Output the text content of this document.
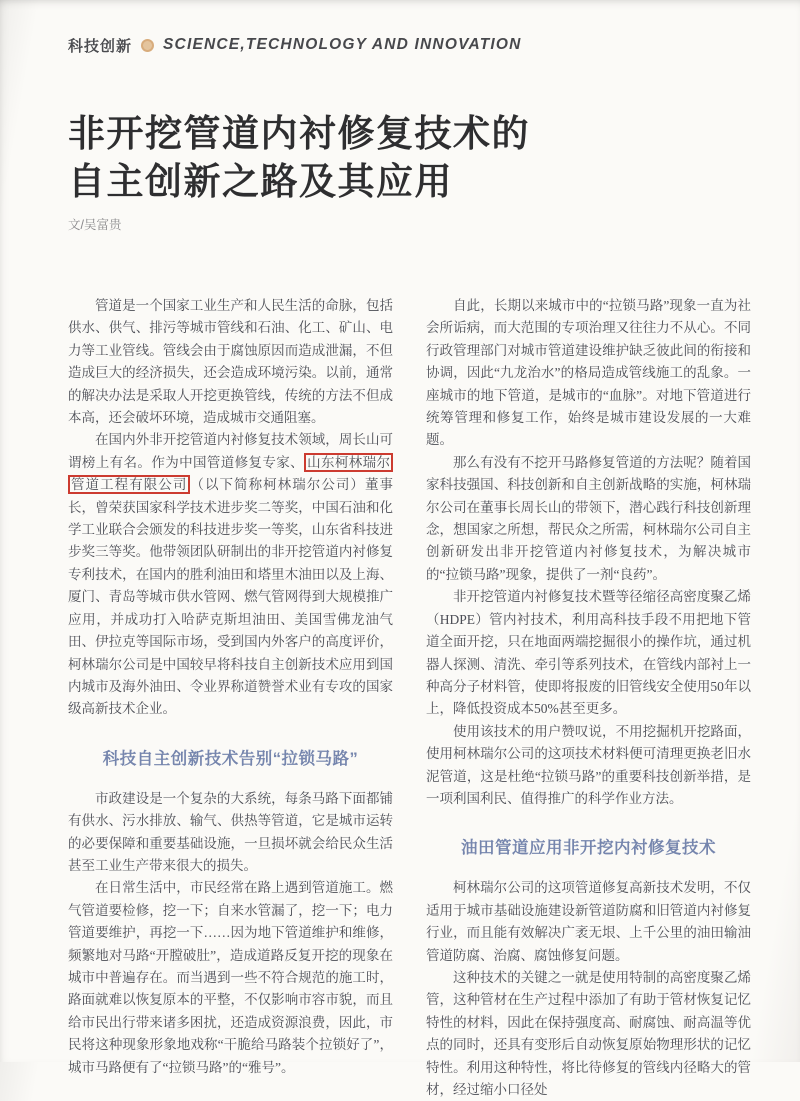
科技创新 SCIENCE,TECHNOLOGY AND INNOVATION
非开挖管道内衬修复技术的
自主创新之路及其应用
文/吴富贵

管道是一个国家工业生产和人民生活的命脉，包括供水、供气、排污等城市管线和石油、化工、矿山、电力等工业管线。管线会由于腐蚀原因而造成泄漏，不但造成巨大的经济损失，还会造成环境污染。以前，通常的解决办法是采取人开挖更换管线，传统的方法不但成本高，还会破坏环境，造成城市交通阻塞。

在国内外非开挖管道内衬修复技术领域，周长山可谓榜上有名。作为中国管道修复专家、 山东柯林瑞尔管道工程有限公司 （以下简称柯林瑞尔公司）董事长，曾荣获国家科学技术进步奖二等奖，中国石油和化学工业联合会颁发的科技进步奖一等奖，山东省科技进步奖三等奖。他带领团队研制出的非开挖管道内衬修复专利技术，在国内的胜利油田和塔里木油田以及上海、厦门、青岛等城市供水管网、燃气管网得到大规模推广应用，并成功打入哈萨克斯坦油田、美国雪佛龙油气田、伊拉克等国际市场，受到国内外客户的高度评价，柯林瑞尔公司是中国较早将科技自主创新技术应用到国内城市及海外油田、令业界称道赞誉术业有专攻的国家级高新技术企业。

科技自主创新技术告别“拉锁马路”

市政建设是一个复杂的大系统，每条马路下面都铺有供水、污水排放、输气、供热等管道，它是城市运转的必要保障和重要基础设施，一旦损坏就会给民众生活甚至工业生产带来很大的损失。

在日常生活中，市民经常在路上遇到管道施工。燃气管道要检修，挖一下；自来水管漏了，挖一下；电力管道要维护，再挖一下……因为地下管道维护和维修，频繁地对马路“开膛破肚”，造成道路反复开挖的现象在城市中普遍存在。而当遇到一些不符合规范的施工时，路面就难以恢复原本的平整，不仅影响市容市貌，而且给市民出行带来诸多困扰，还造成资源浪费，因此，市民将这种现象形象地戏称“干脆给马路装个拉锁好了”，城市马路便有了“拉锁马路”的“雅号”。

自此，长期以来城市中的“拉锁马路”现象一直为社会所诟病，而大范围的专项治理又往往力不从心。不同行政管理部门对城市管道建设维护缺乏彼此间的衔接和协调，因此“九龙治水”的格局造成管线施工的乱象。一座城市的地下管道，是城市的“血脉”。对地下管道进行统筹管理和修复工作，始终是城市建设发展的一大难题。

那么有没有不挖开马路修复管道的方法呢？随着国家科技强国、科技创新和自主创新战略的实施，柯林瑞尔公司在董事长周长山的带领下，潜心践行科技创新理念，想国家之所想，帮民众之所需，柯林瑞尔公司自主创新研发出非开挖管道内衬修复技术，为解决城市的“拉锁马路”现象，提供了一剂“良药”。

非开挖管道内衬修复技术暨等径缩径高密度聚乙烯（HDPE）管内衬技术，利用高科技手段不用把地下管道全面开挖，只在地面两端挖掘很小的操作坑，通过机器人探测、清洗、牵引等系列技术，在管线内部衬上一种高分子材料管，使即将报废的旧管线安全使用50年以上，降低投资成本50%甚至更多。

使用该技术的用户赞叹说，不用挖掘机开挖路面，使用柯林瑞尔公司的这项技术材料便可清理更换老旧水泥管道，这是杜绝“拉锁马路”的重要科技创新举措，是一项利国利民、值得推广的科学作业方法。

油田管道应用非开挖内衬修复技术

柯林瑞尔公司的这项管道修复高新技术发明，不仅适用于城市基础设施建设新管道防腐和旧管道内衬修复行业，而且能有效解决广袤无垠、上千公里的油田输油管道防腐、治腐、腐蚀修复问题。

这种技术的关键之一就是使用特制的高密度聚乙烯管，这种管材在生产过程中添加了有助于管材恢复记忆特性的材料，因此在保持强度高、耐腐蚀、耐高温等优点的同时，还具有变形后自动恢复原始物理形状的记忆特性。利用这种特性，将比待修复的管线内径略大的管材，经过缩小口径处
